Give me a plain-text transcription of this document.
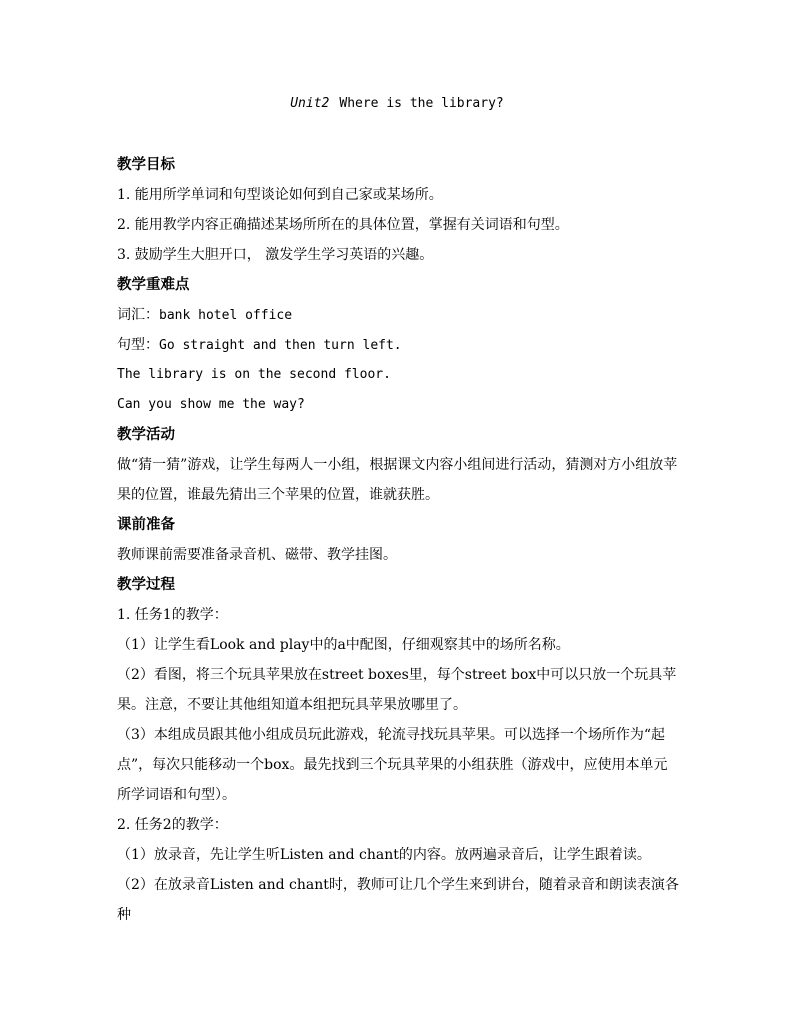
Unit2 Where is the library?
教学目标
1. 能用所学单词和句型谈论如何到自己家或某场所。
2. 能用教学内容正确描述某场所所在的具体位置，掌握有关词语和句型。
3. 鼓励学生大胆开口， 激发学生学习英语的兴趣。
教学重难点
词汇：bank hotel office
句型：Go straight and then turn left.
The library is on the second floor.
Can you show me the way?
教学活动
做“猜一猜”游戏，让学生每两人一小组，根据课文内容小组间进行活动，猜测对方小组放苹果的位置，谁最先猜出三个苹果的位置，谁就获胜。
课前准备
教师课前需要准备录音机、磁带、教学挂图。
教学过程
1. 任务1的教学：
（1）让学生看Look and play中的a中配图，仔细观察其中的场所名称。
（2）看图，将三个玩具苹果放在street boxes里，每个street box中可以只放一个玩具苹果。注意，不要让其他组知道本组把玩具苹果放哪里了。
（3）本组成员跟其他小组成员玩此游戏，轮流寻找玩具苹果。可以选择一个场所作为“起点”，每次只能移动一个box。最先找到三个玩具苹果的小组获胜（游戏中，应使用本单元所学词语和句型）。
2. 任务2的教学：
（1）放录音，先让学生听Listen and chant的内容。放两遍录音后，让学生跟着读。
（2）在放录音Listen and chant时，教师可让几个学生来到讲台，随着录音和朗读表演各种
